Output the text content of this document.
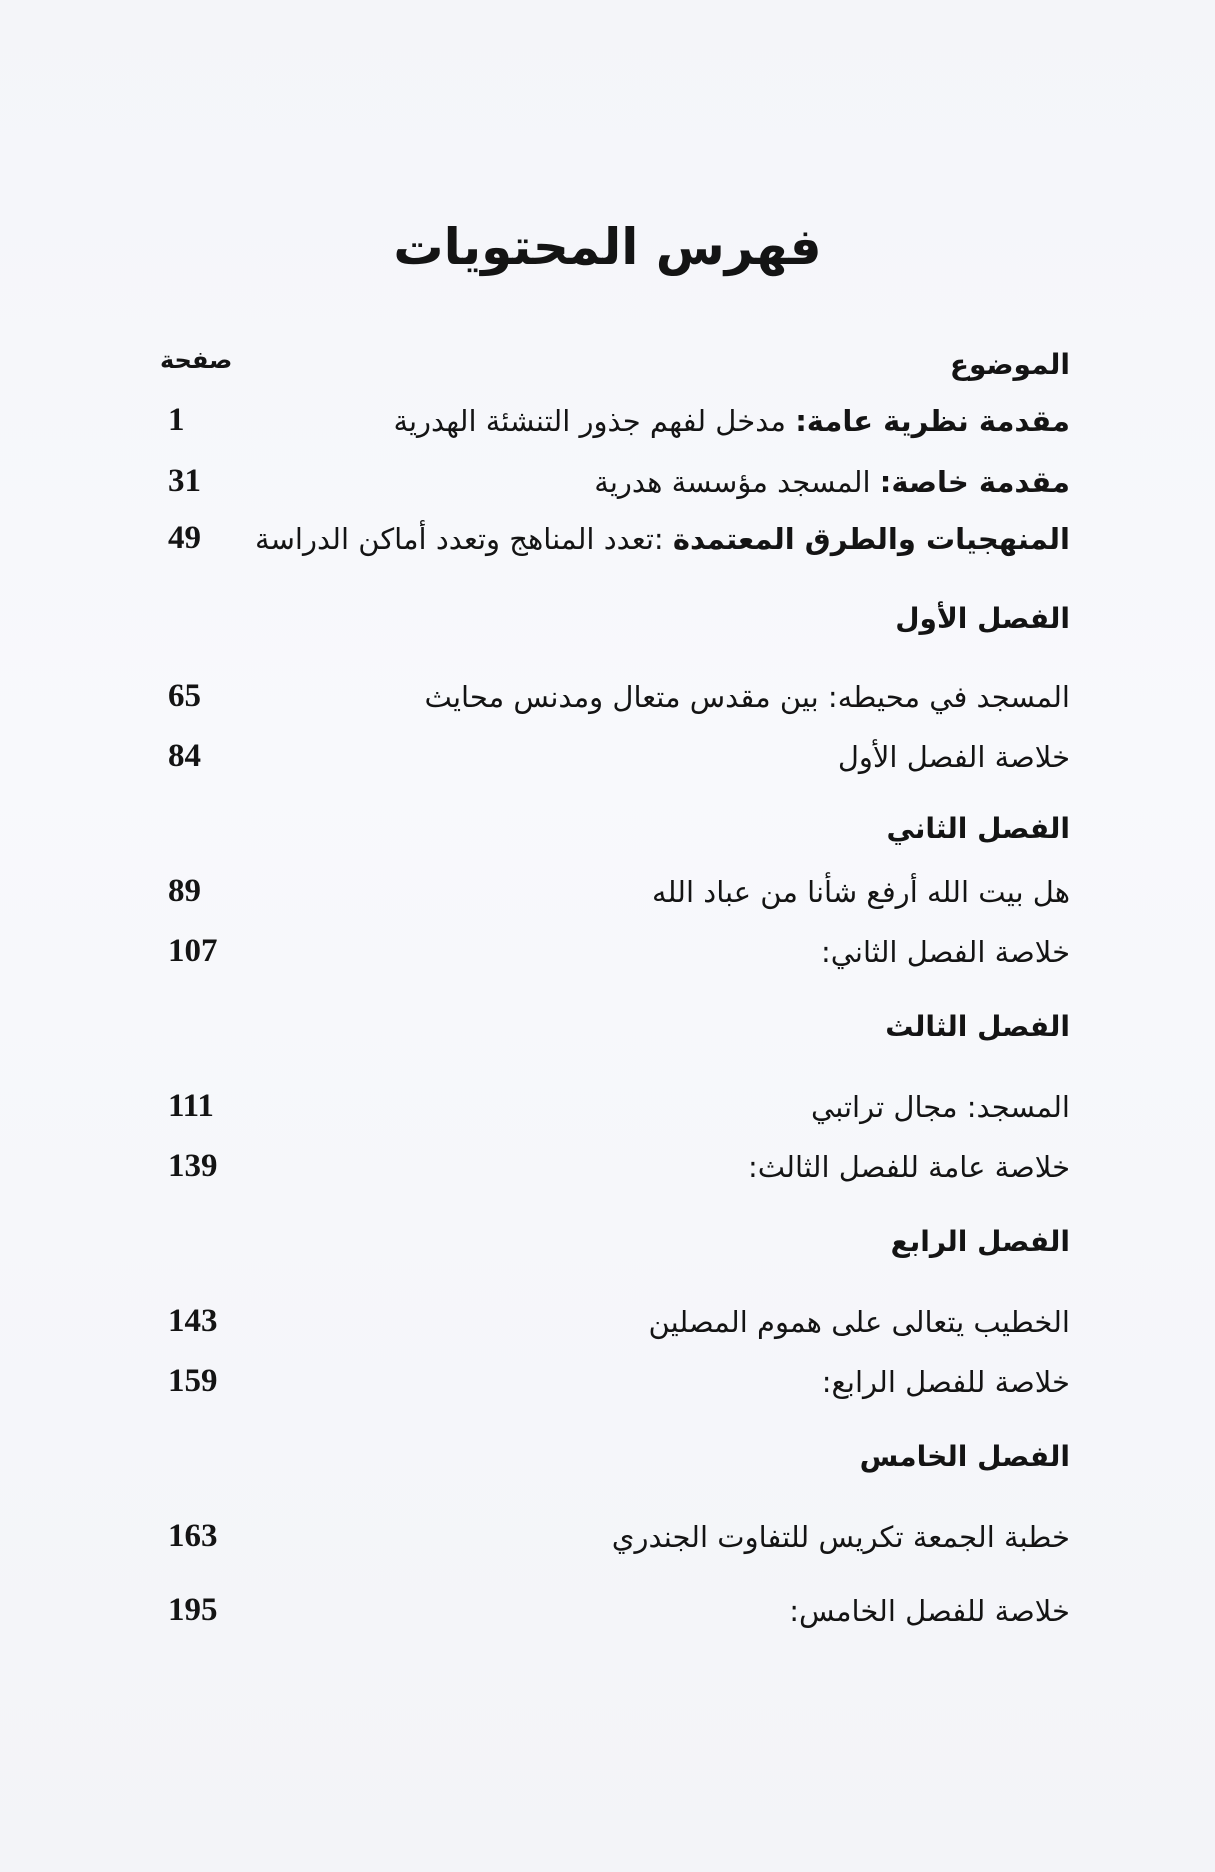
فهرس المحتويات
الموضوع
صفحة
مقدمة نظرية عامة: مدخل لفهم جذور التنشئة الهدرية
1
مقدمة خاصة: المسجد مؤسسة هدرية
31
المنهجيات والطرق المعتمدة :تعدد المناهج وتعدد أماكن الدراسة
49
الفصل الأول
المسجد في محيطه: بين مقدس متعال ومدنس محايث
65
خلاصة الفصل الأول
84
الفصل الثاني
هل بيت الله أرفع شأنا من عباد الله
89
خلاصة الفصل الثاني:
107
الفصل الثالث
المسجد: مجال تراتبي
111
خلاصة عامة للفصل الثالث:
139
الفصل الرابع
الخطيب يتعالى على هموم المصلين
143
خلاصة للفصل الرابع:
159
الفصل الخامس
خطبة الجمعة تكريس للتفاوت الجندري
163
خلاصة للفصل الخامس:
195
